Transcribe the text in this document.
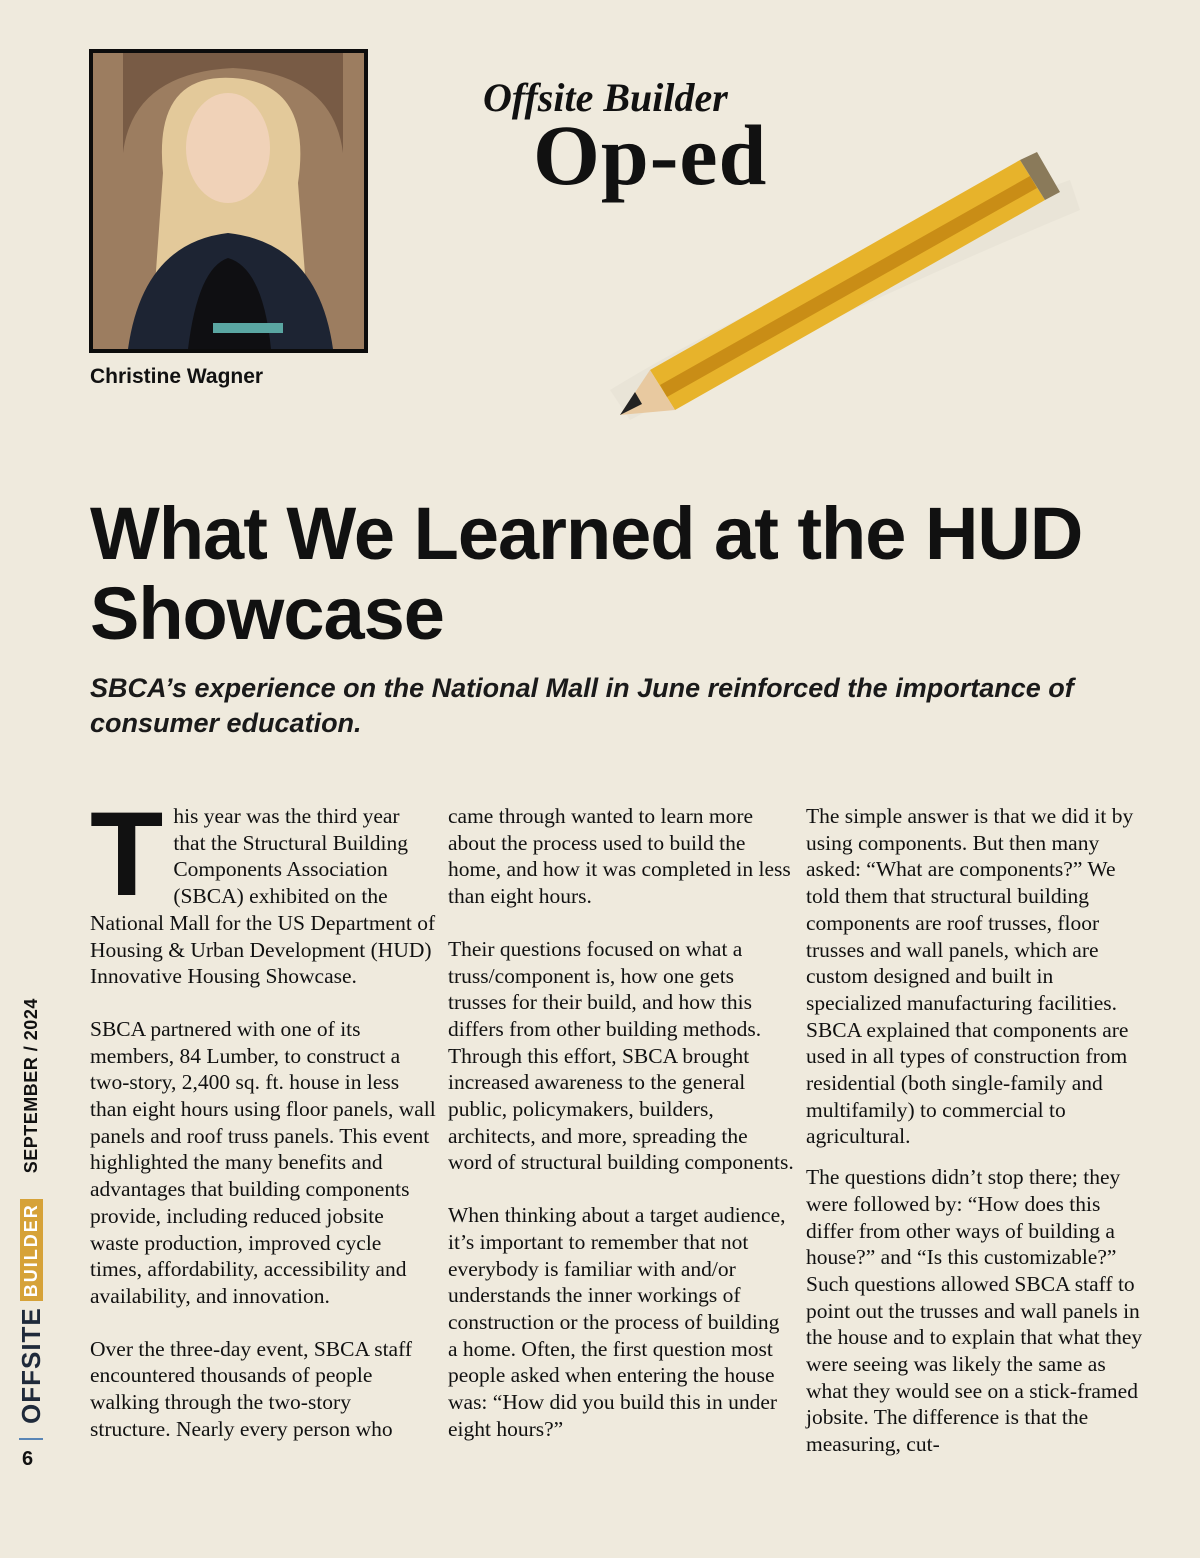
Christine Wagner
Offsite Builder
Op-ed
What We Learned at the HUD Showcase

SBCA’s experience on the National Mall in June reinforced the importance of consumer education.

T his year was the third year that the Structural Building Components Association (SBCA) exhibited on the National Mall for the US Department of Housing & Urban Development (HUD) Innovative Housing Showcase.

SBCA partnered with one of its members, 84 Lumber, to construct a two-story, 2,400 sq. ft. house in less than eight hours using floor panels, wall panels and roof truss panels. This event highlighted the many benefits and advantages that building components provide, including reduced jobsite waste production, improved cycle times, affordability, accessibility and availability, and innovation.

Over the three-day event, SBCA staff encountered thousands of people walking through the two-story structure. Nearly every person who

came through wanted to learn more about the process used to build the home, and how it was completed in less than eight hours.

Their questions focused on what a truss/component is, how one gets trusses for their build, and how this differs from other building methods. Through this effort, SBCA brought increased awareness to the general public, policymakers, builders, architects, and more, spreading the word of structural building components.

When thinking about a target audience, it’s important to remember that not everybody is familiar with and/or understands the inner workings of construction or the process of building a home. Often, the first question most people asked when entering the house was: “How did you build this in under eight hours?”

The simple answer is that we did it by using components. But then many asked: “What are components?” We told them that structural building components are roof trusses, floor trusses and wall panels, which are custom designed and built in specialized manufacturing facilities. SBCA explained that components are used in all types of construction from residential (both single-family and multifamily) to commercial to agricultural.

The questions didn’t stop there; they were followed by: “How does this differ from other ways of building a house?” and “Is this customizable?” Such questions allowed SBCA staff to point out the trusses and wall panels in the house and to explain that what they were seeing was likely the same as what they would see on a stick-framed jobsite. The difference is that the measuring, cut-

OFFSITE
BUILDER
SEPTEMBER / 2024
6
